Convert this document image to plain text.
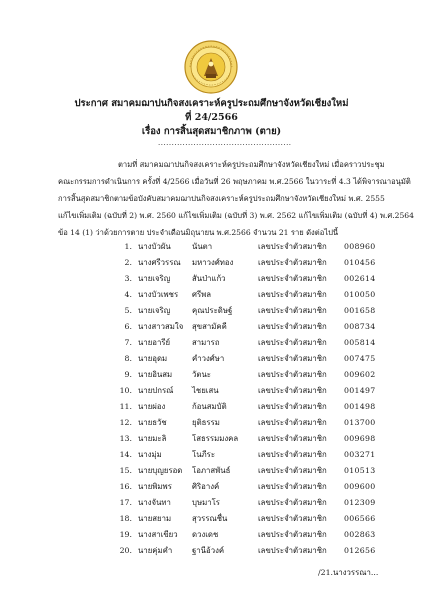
ประกาศ สมาคมฌาปนกิจสงเคราะห์ครูประถมศึกษาจังหวัดเชียงใหม่
ที่ 24/2566
เรื่อง การสิ้นสุดสมาชิกภาพ (ตาย)
.................................................
ตามที่ สมาคมฌาปนกิจสงเคราะห์ครูประถมศึกษาจังหวัดเชียงใหม่ เมื่อคราวประชุม
คณะกรรมการดำเนินการ ครั้งที่ 4/2566 เมื่อวันที่ 26 พฤษภาคม พ.ศ.2566 ในวาระที่ 4.3 ได้พิจารณาอนุมัติ
การสิ้นสุดสมาชิกตามข้อบังคับสมาคมฌาปนกิจสงเคราะห์ครูประถมศึกษาจังหวัดเชียงใหม่ พ.ศ. 2555
แก้ไขเพิ่มเติม (ฉบับที่ 2) พ.ศ. 2560 แก้ไขเพิ่มเติม (ฉบับที่ 3) พ.ศ. 2562 แก้ไขเพิ่มเติม (ฉบับที่ 4) พ.ศ.2564
ข้อ 14 (1) ว่าด้วยการตาย ประจำเดือนมิถุนายน พ.ศ.2566 จำนวน 21 ราย ดังต่อไปนี้
1. นางบัวผัน	นันตา	เลขประจำตัวสมาชิก 008960
2. นางศรีวรรณ มหาวงศ์ทอง	เลขประจำตัวสมาชิก 010456
3. นายเจริญ	สันป่าแก้ว	เลขประจำตัวสมาชิก 002614
4. นางบัวเพชร ศรีพล	เลขประจำตัวสมาชิก 010050
5. นายเจริญ	คุณประดิษฐ์	เลขประจำตัวสมาชิก 001658
6. นางสาวสมใจ สุขสามัคคี	เลขประจำตัวสมาชิก 008734
7. นายอารีย์	สามารถ	เลขประจำตัวสมาชิก 005814
8. นายอุดม	คำวงศ์ษา	เลขประจำตัวสมาชิก 007475
9. นายอินสม	วัตนะ	เลขประจำตัวสมาชิก 009602
10. นายปกรณ์ ไชยเสน	เลขประจำตัวสมาชิก 001497
11. นายผ่อง	ก้อนสมบัติ	เลขประจำตัวสมาชิก 001498
12. นายธวัช	ยุติธรรม	เลขประจำตัวสมาชิก 013700
13. นายมะลิ	โสธรรมมงคล	เลขประจำตัวสมาชิก 009698
14. นางมุ่ม	โนภีระ	เลขประจำตัวสมาชิก 003271
15. นายบุญยรอด โอภาสพันธ์	เลขประจำตัวสมาชิก 010513
16. นายพิมพร	ศิริอางค์	เลขประจำตัวสมาชิก 009600
17. นางจันทา	บุษมาโร	เลขประจำตัวสมาชิก 012309
18. นายสยาม	สุวรรณชื่น	เลขประจำตัวสมาชิก 006566
19. นางสาเขียว ดวงเดช	เลขประจำตัวสมาชิก 002863
20. นายคุ่มคำ	ฐานีอ้วงค์	เลขประจำตัวสมาชิก 012656
/21.นางวรรณา...
